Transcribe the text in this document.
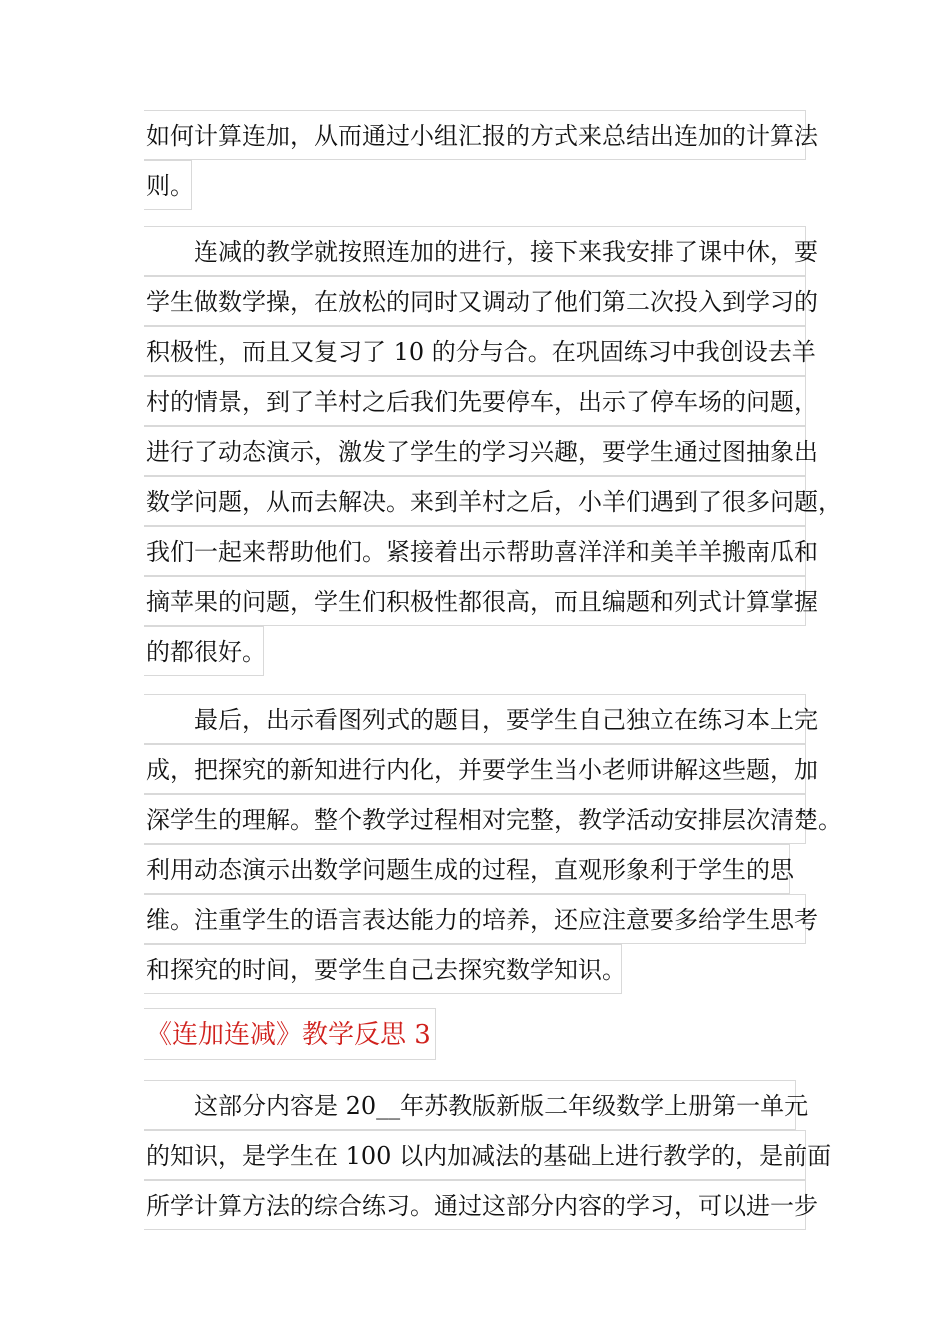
如何计算连加，从而通过小组汇报的方式来总结出连加的计算法
则。
　　连减的教学就按照连加的进行，接下来我安排了课中休，要
学生做数学操，在放松的同时又调动了他们第二次投入到学习的
积极性，而且又复习了 10 的分与合。在巩固练习中我创设去羊
村的情景，到了羊村之后我们先要停车，出示了停车场的问题，
进行了动态演示，激发了学生的学习兴趣，要学生通过图抽象出
数学问题，从而去解决。来到羊村之后，小羊们遇到了很多问题，
我们一起来帮助他们。紧接着出示帮助喜洋洋和美羊羊搬南瓜和
摘苹果的问题，学生们积极性都很高，而且编题和列式计算掌握
的都很好。
　　最后，出示看图列式的题目，要学生自己独立在练习本上完
成，把探究的新知进行内化，并要学生当小老师讲解这些题，加
深学生的理解。整个教学过程相对完整，教学活动安排层次清楚。
利用动态演示出数学问题生成的过程，直观形象利于学生的思
维。注重学生的语言表达能力的培养，还应注意要多给学生思考
和探究的时间，要学生自己去探究数学知识。
《连加连减》教学反思 3
　　这部分内容是 20__年苏教版新版二年级数学上册第一单元
的知识，是学生在 100 以内加减法的基础上进行教学的，是前面
所学计算方法的综合练习。通过这部分内容的学习，可以进一步
